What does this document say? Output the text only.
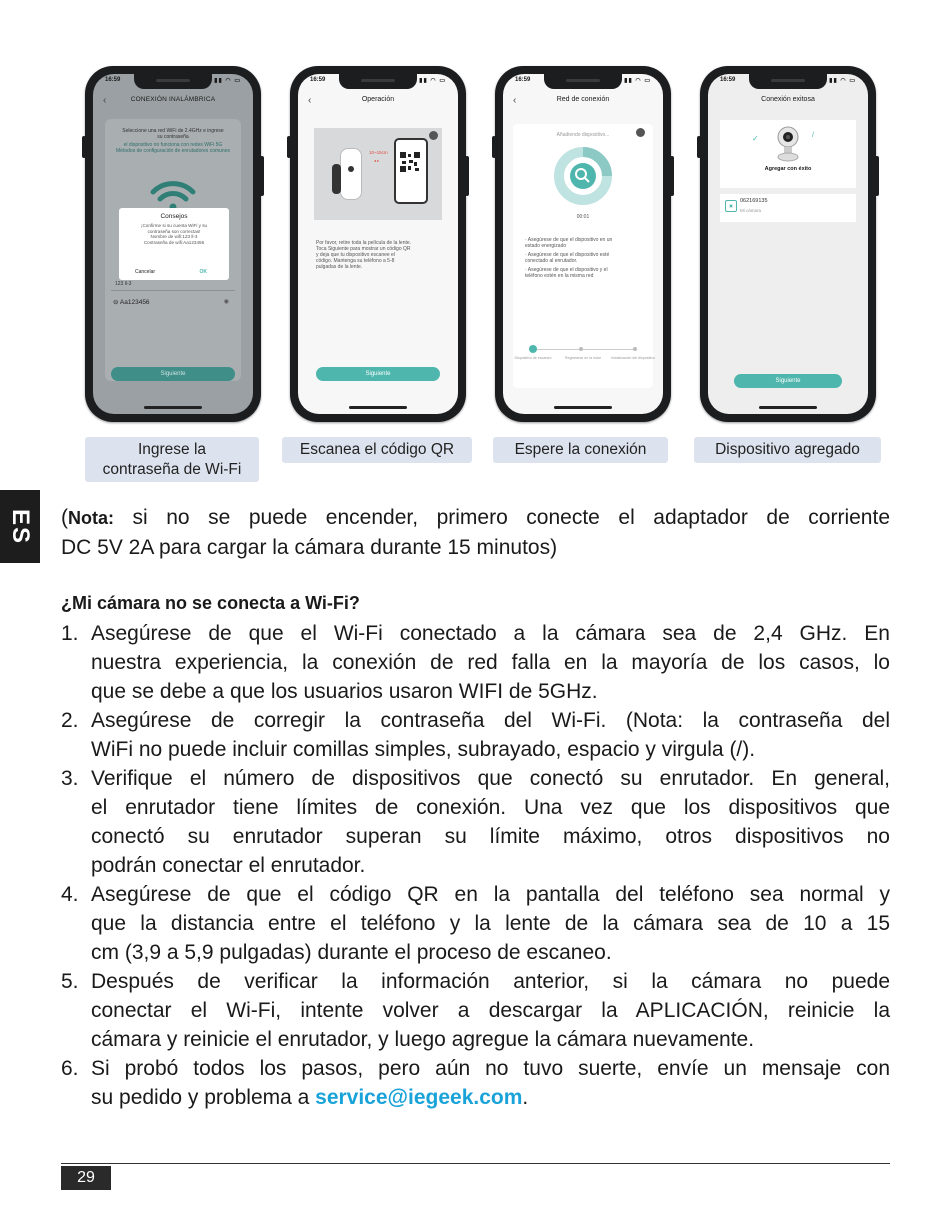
16:59	▮▮ ◠ ▭
‹	CONEXIÓN INALÁMBRICA
Seleccione una red WiFi de 2.4GHz e ingrese
su contraseña
el dispositivo no funciona con redes WiFi 5G
Métodos de configuración de enrutadores comunes
Consejos
¡Confirme si su cuenta WiFi y su
contraseña son correctas!
Nombre de wifi:123 ll-3
Contraseña de wifi:Aa123456
Cancelar	OK
123 ll-3
⊖ Aa123456	◉
Siguiente
16:59	▮▮ ◠ ▭
‹	Operación
10~15cm
◂ ▸
Por favor, retire toda la película de la lente.
Toca Siguiente para mostrar un código QR
y deja que tu dispositivo escanee el
código. Mantenga su teléfono a 5-8
pulgadas de la lente.
Siguiente
16:59	▮▮ ◠ ▭
‹	Red de conexión
Añadiendo dispositivo...
00:01
· Asegúrese de que el dispositivo en un
estado energizado
· Asegúrese de que el dispositivo esté
conectado al enrutador.
· Asegúrese de que el dispositivo y el
teléfono estén en la misma red
Dispositivo de escaneo	Registrarse en la nube	Inicialización del dispositivo
16:59	▮▮ ◠ ▭
Conexión exitosa
✓	/
Agregar con éxito
▣
062169135
Mi cámara
Siguiente
Ingrese la
contraseña de Wi-Fi
Escanea el código QR	Espere la conexión	Dispositivo agregado
ES (Nota: si no se puede encender, primero conecte el adaptador de corriente
DC 5V 2A para cargar la cámara durante 15 minutos)
¿Mi cámara no se conecta a Wi-Fi?
1. Asegúrese de que el Wi-Fi conectado a la cámara sea de 2,4 GHz. En
nuestra experiencia, la conexión de red falla en la mayoría de los casos, lo
que se debe a que los usuarios usaron WIFI de 5GHz.
2. Asegúrese de corregir la contraseña del Wi-Fi. (Nota: la contraseña del
WiFi no puede incluir comillas simples, subrayado, espacio y virgula (/).
3. Verifique el número de dispositivos que conectó su enrutador. En general,
el enrutador tiene límites de conexión. Una vez que los dispositivos que
conectó su enrutador superan su límite máximo, otros dispositivos no
podrán conectar el enrutador.
4. Asegúrese de que el código QR en la pantalla del teléfono sea normal y
que la distancia entre el teléfono y la lente de la cámara sea de 10 a 15
cm (3,9 a 5,9 pulgadas) durante el proceso de escaneo.
5. Después de verificar la información anterior, si la cámara no puede
conectar el Wi-Fi, intente volver a descargar la APLICACIÓN, reinicie la
cámara y reinicie el enrutador, y luego agregue la cámara nuevamente.
6. Si probó todos los pasos, pero aún no tuvo suerte, envíe un mensaje con
su pedido y problema a service@iegeek.com.
29
